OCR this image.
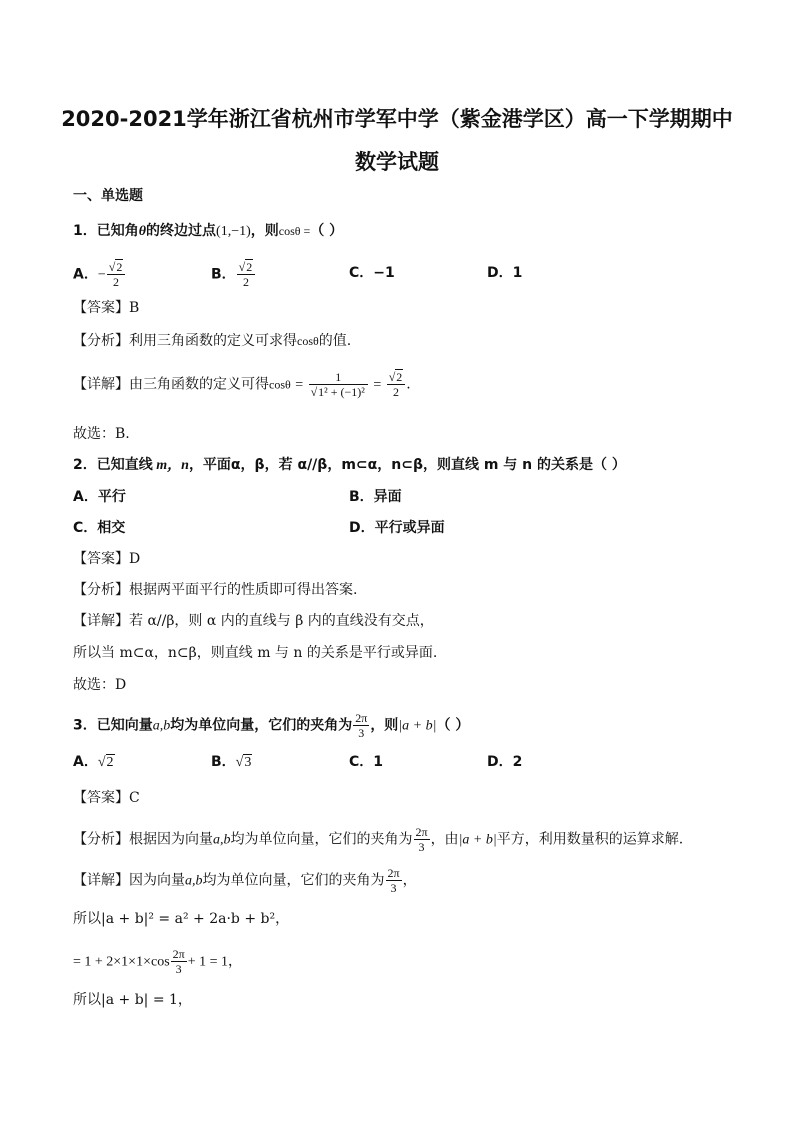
2020-2021学年浙江省杭州市学军中学（紫金港学区）高一下学期期中
数学试题
一、单选题
1．已知角θ的终边过点(1,−1)，则cosθ =（ ）
A．− $\frac{√2}{2}$	B． $\frac{√2}{2}$	C．−1	D．1
【答案】B
【分析】利用三角函数的定义可求得cosθ的值.
【详解】由三角函数的定义可得$\cos\theta = \frac{1}{\text{√1² + (−1)²}} = \frac{√2}{2}$ .
故选：B.
2．已知直线 m，n，平面α，β，若 α//β，m⊂α，n⊂β，则直线 m 与 n 的关系是（ ）
A．平行	B．异面
C．相交	D．平行或异面
【答案】D
【分析】根据两平面平行的性质即可得出答案.
【详解】若 α//β，则 α 内的直线与 β 内的直线没有交点，
所以当 m⊂α，n⊂β，则直线 m 与 n 的关系是平行或异面.
故选：D
3．已知向量a,b均为单位向量，它们的夹角为 $\frac{2\pi}{3}$ ，则|a + b|（ ）
A．√2	B．√3	C．1	D．2
【答案】C
【分析】根据因为向量a,b均为单位向量，它们的夹角为 $\frac{2\pi}{3}$ ，由|a + b|平方，利用数量积的运算求解.
【详解】因为向量a,b均为单位向量，它们的夹角为 $\frac{2\pi}{3}$ ，
所以|a + b|² = a² + 2a·b + b²，
= $1 + 2\times 1\times 1\times\cos \frac{2\pi}{3} + 1 = 1$，
所以|a + b| = 1，
